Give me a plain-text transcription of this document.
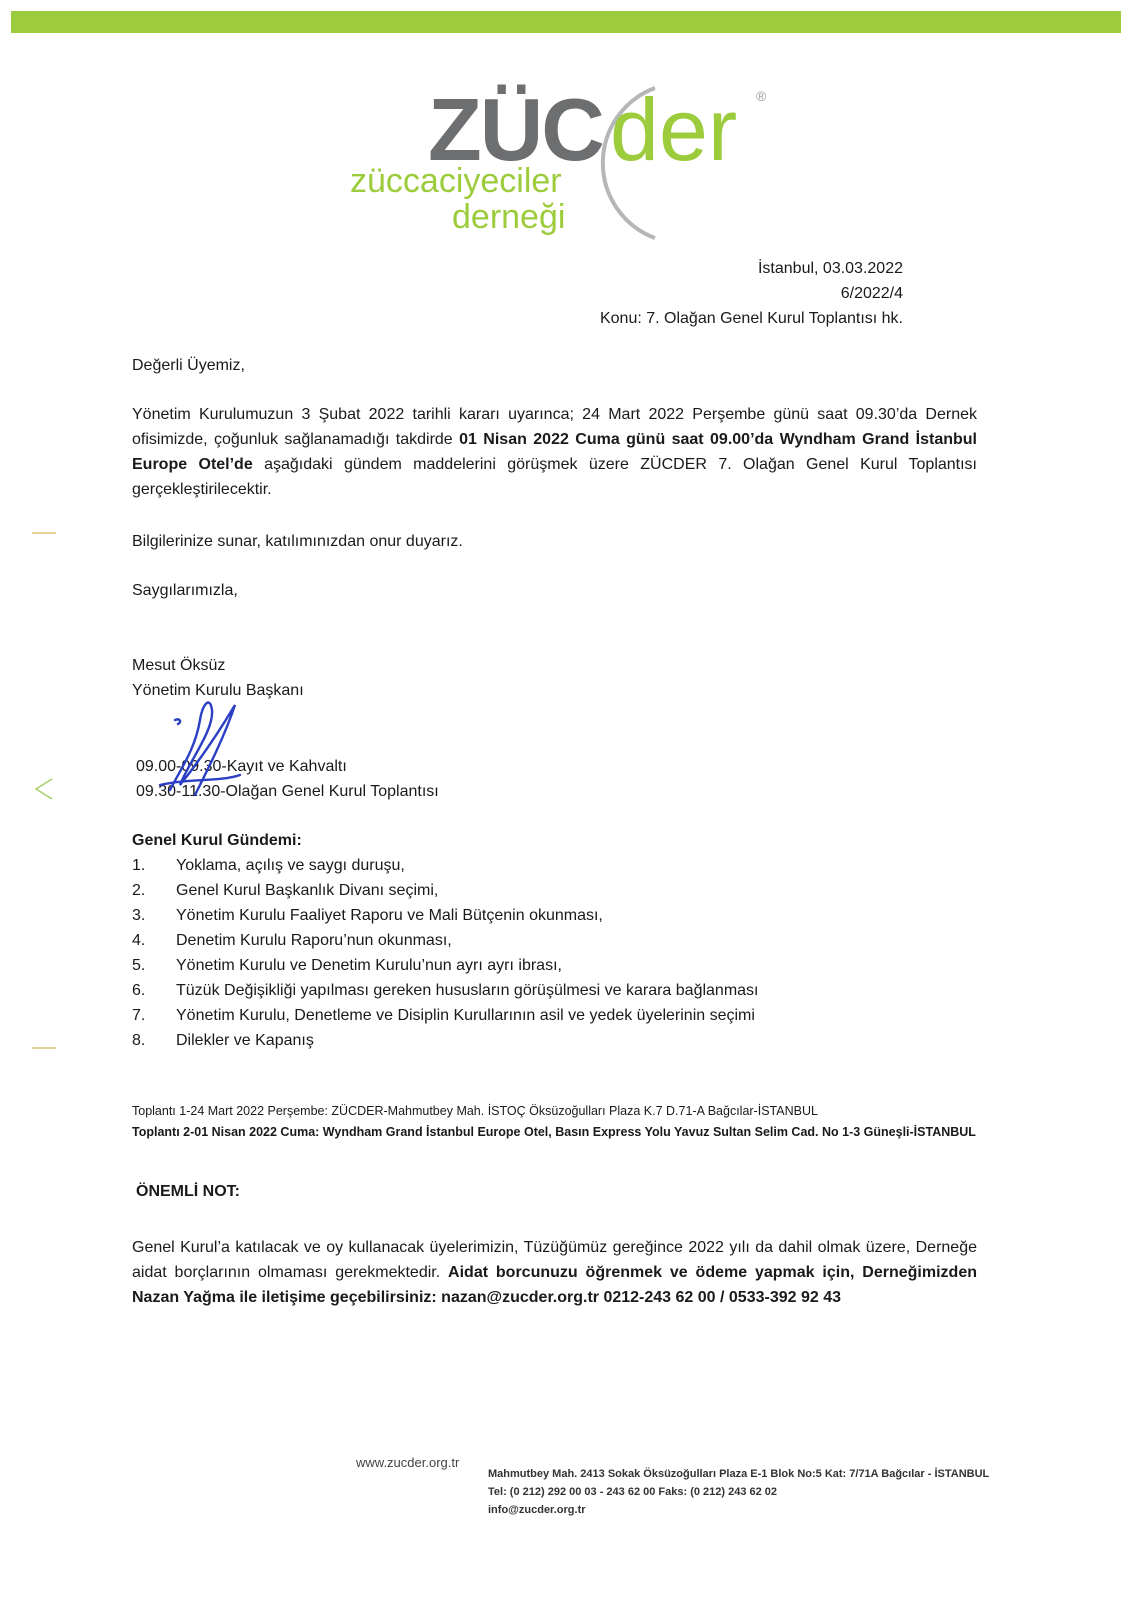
ZÜC der ®
züccaciyeciler
derneği
İstanbul, 03.03.2022
6/2022/4
Konu: 7. Olağan Genel Kurul Toplantısı hk.
Değerli Üyemiz,
Yönetim Kurulumuzun 3 Şubat 2022 tarihli kararı uyarınca; 24 Mart 2022 Perşembe günü saat 09.30’da Dernek ofisimizde, çoğunluk sağlanamadığı takdirde 01 Nisan 2022 Cuma günü saat 09.00’da Wyndham Grand İstanbul Europe Otel’de aşağıdaki gündem maddelerini görüşmek üzere ZÜCDER 7. Olağan Genel Kurul Toplantısı gerçekleştirilecektir.
Bilgilerinize sunar, katılımınızdan onur duyarız.
Saygılarımızla,
Mesut Öksüz
Yönetim Kurulu Başkanı
09.00-09.30-Kayıt ve Kahvaltı
09.30-11.30-Olağan Genel Kurul Toplantısı
Genel Kurul Gündemi:
1. Yoklama, açılış ve saygı duruşu,
2. Genel Kurul Başkanlık Divanı seçimi,
3. Yönetim Kurulu Faaliyet Raporu ve Mali Bütçenin okunması,
4. Denetim Kurulu Raporu’nun okunması,
5. Yönetim Kurulu ve Denetim Kurulu’nun ayrı ayrı ibrası,
6. Tüzük Değişikliği yapılması gereken hususların görüşülmesi ve karara bağlanması
7. Yönetim Kurulu, Denetleme ve Disiplin Kurullarının asil ve yedek üyelerinin seçimi
8. Dilekler ve Kapanış
Toplantı 1-24 Mart 2022 Perşembe: ZÜCDER-Mahmutbey Mah. İSTOÇ Öksüzoğulları Plaza K.7 D.71-A Bağcılar-İSTANBUL
Toplantı 2-01 Nisan 2022 Cuma: Wyndham Grand İstanbul Europe Otel, Basın Express Yolu Yavuz Sultan Selim Cad. No 1-3 Güneşli-İSTANBUL
ÖNEMLİ NOT:
Genel Kurul’a katılacak ve oy kullanacak üyelerimizin, Tüzüğümüz gereğince 2022 yılı da dahil olmak üzere, Derneğe aidat borçlarının olmaması gerekmektedir. Aidat borcunuzu öğrenmek ve ödeme yapmak için, Derneğimizden Nazan Yağma ile iletişime geçebilirsiniz: nazan@zucder.org.tr 0212-243 62 00 / 0533-392 92 43
www.zucder.org.tr
Mahmutbey Mah. 2413 Sokak Öksüzoğulları Plaza E-1 Blok No:5 Kat: 7/71A Bağcılar - İSTANBUL
Tel: (0 212) 292 00 03 - 243 62 00 Faks: (0 212) 243 62 02
info@zucder.org.tr
